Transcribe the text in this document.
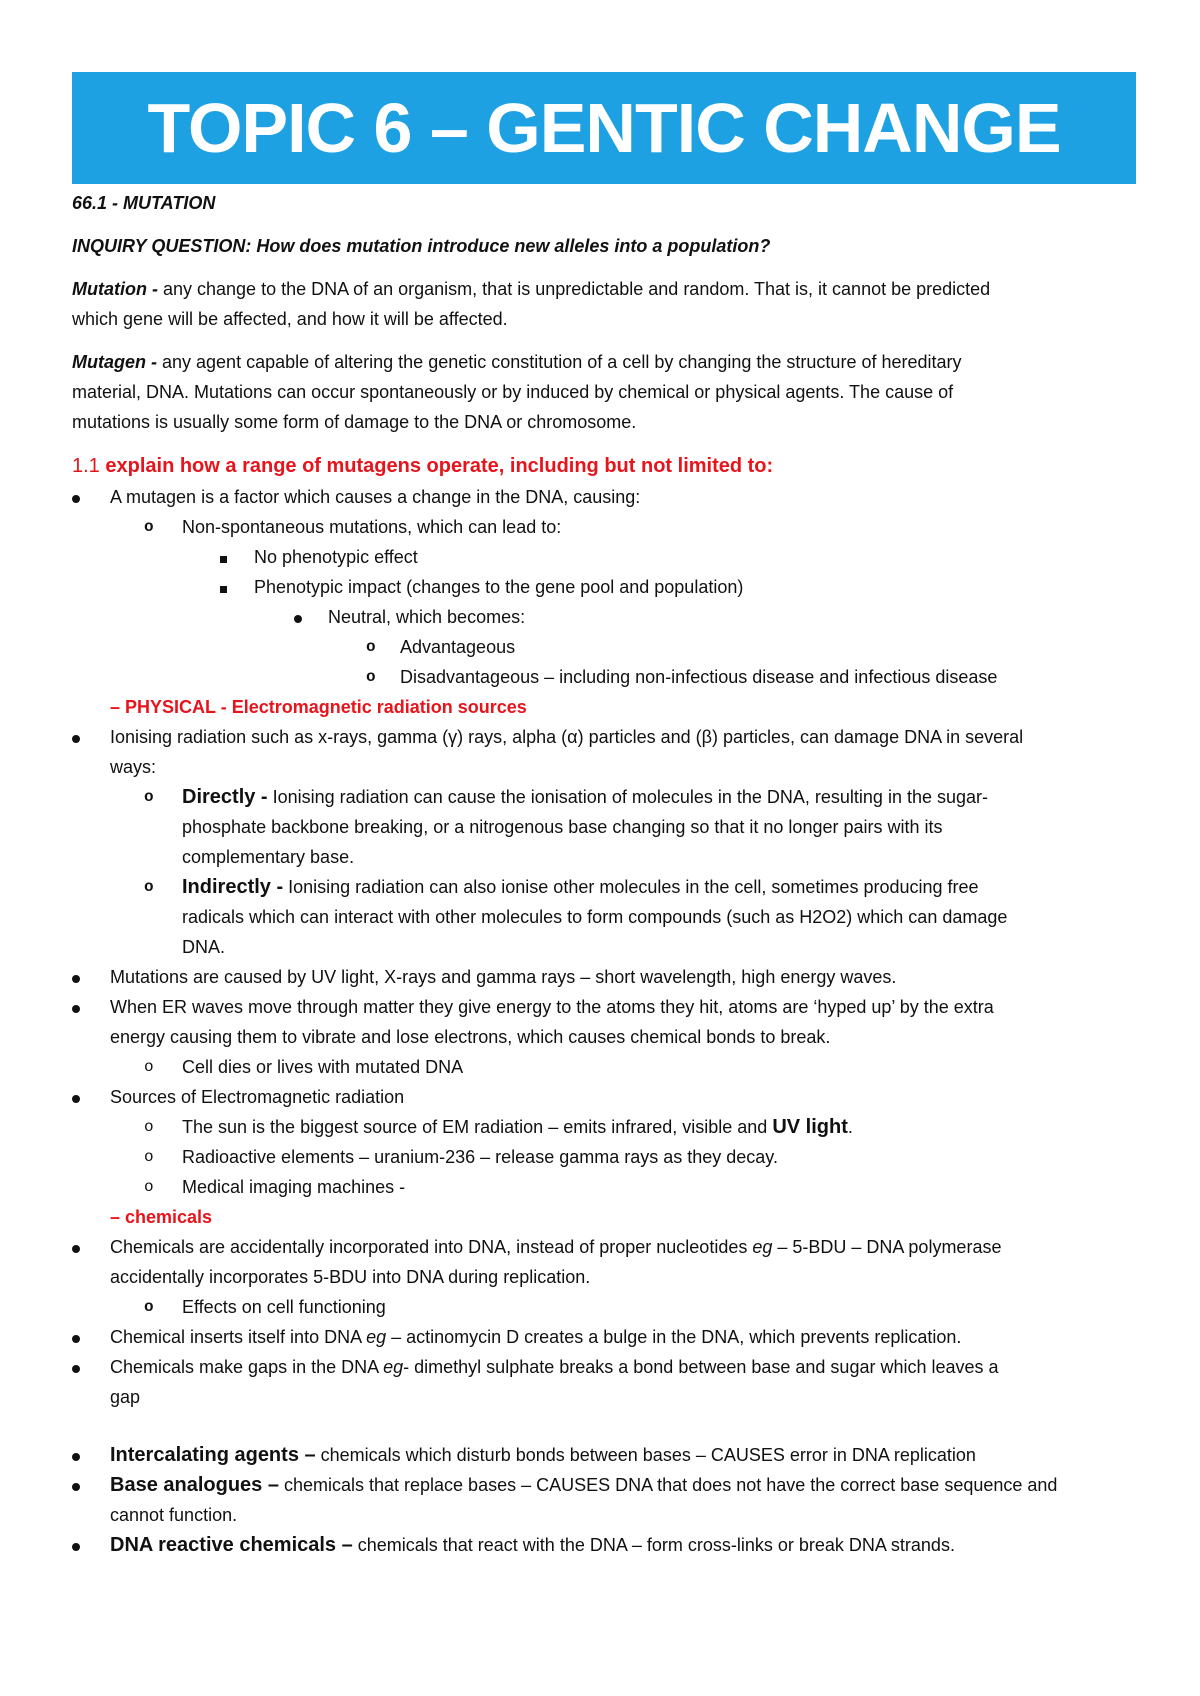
TOPIC 6 – GENTIC CHANGE
66.1 - MUTATION
INQUIRY QUESTION: How does mutation introduce new alleles into a population?
Mutation - any change to the DNA of an organism, that is unpredictable and random. That is, it cannot be predicted
which gene will be affected, and how it will be affected.
Mutagen - any agent capable of altering the genetic constitution of a cell by changing the structure of hereditary
material, DNA. Mutations can occur spontaneously or by induced by chemical or physical agents. The cause of
mutations is usually some form of damage to the DNA or chromosome.
1.1 explain how a range of mutagens operate, including but not limited to:
A mutagen is a factor which causes a change in the DNA, causing:
o Non-spontaneous mutations, which can lead to:
No phenotypic effect
Phenotypic impact (changes to the gene pool and population)
Neutral, which becomes:
o Advantageous
o Disadvantageous – including non-infectious disease and infectious disease
– PHYSICAL - Electromagnetic radiation sources
Ionising radiation such as x-rays, gamma (γ) rays, alpha (α) particles and (β) particles, can damage DNA in several
ways:
o Directly - Ionising radiation can cause the ionisation of molecules in the DNA, resulting in the sugar-
phosphate backbone breaking, or a nitrogenous base changing so that it no longer pairs with its
complementary base.
o Indirectly - Ionising radiation can also ionise other molecules in the cell, sometimes producing free
radicals which can interact with other molecules to form compounds (such as H2O2) which can damage
DNA.
Mutations are caused by UV light, X-rays and gamma rays – short wavelength, high energy waves.
When ER waves move through matter they give energy to the atoms they hit, atoms are ‘hyped up’ by the extra
energy causing them to vibrate and lose electrons, which causes chemical bonds to break.
o Cell dies or lives with mutated DNA
Sources of Electromagnetic radiation
o The sun is the biggest source of EM radiation – emits infrared, visible and UV light.
o Radioactive elements – uranium-236 – release gamma rays as they decay.
o Medical imaging machines -
– chemicals
Chemicals are accidentally incorporated into DNA, instead of proper nucleotides eg – 5-BDU – DNA polymerase
accidentally incorporates 5-BDU into DNA during replication.
o Effects on cell functioning
Chemical inserts itself into DNA eg – actinomycin D creates a bulge in the DNA, which prevents replication.
Chemicals make gaps in the DNA eg- dimethyl sulphate breaks a bond between base and sugar which leaves a
gap
Intercalating agents – chemicals which disturb bonds between bases – CAUSES error in DNA replication
Base analogues – chemicals that replace bases – CAUSES DNA that does not have the correct base sequence and
cannot function.
DNA reactive chemicals – chemicals that react with the DNA – form cross-links or break DNA strands.
